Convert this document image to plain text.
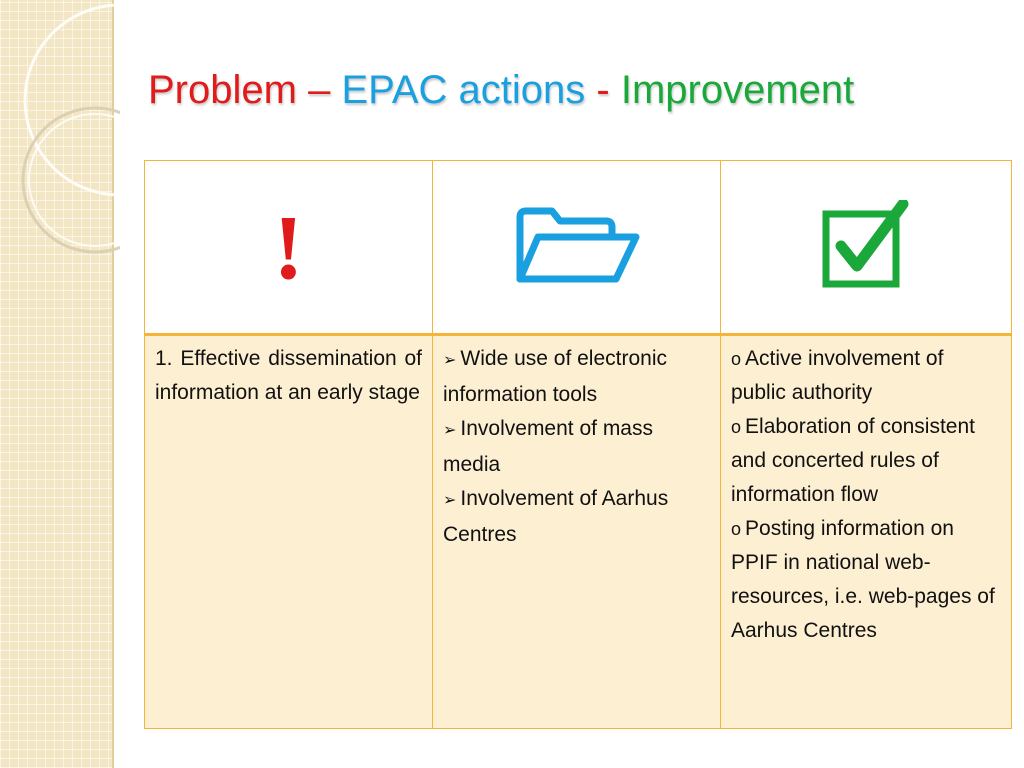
Problem – EPAC actions - Improvement
!		
1. Effective dissemination of information at an early stage	➢ Wide use of electronic information tools
➢ Involvement of mass media
➢ Involvement of Aarhus Centres	o Active involvement of public authority
o Elaboration of consistent and concerted rules of information flow
o Posting information on PPIF in national web-resources, i.e. web-pages of Aarhus Centres
